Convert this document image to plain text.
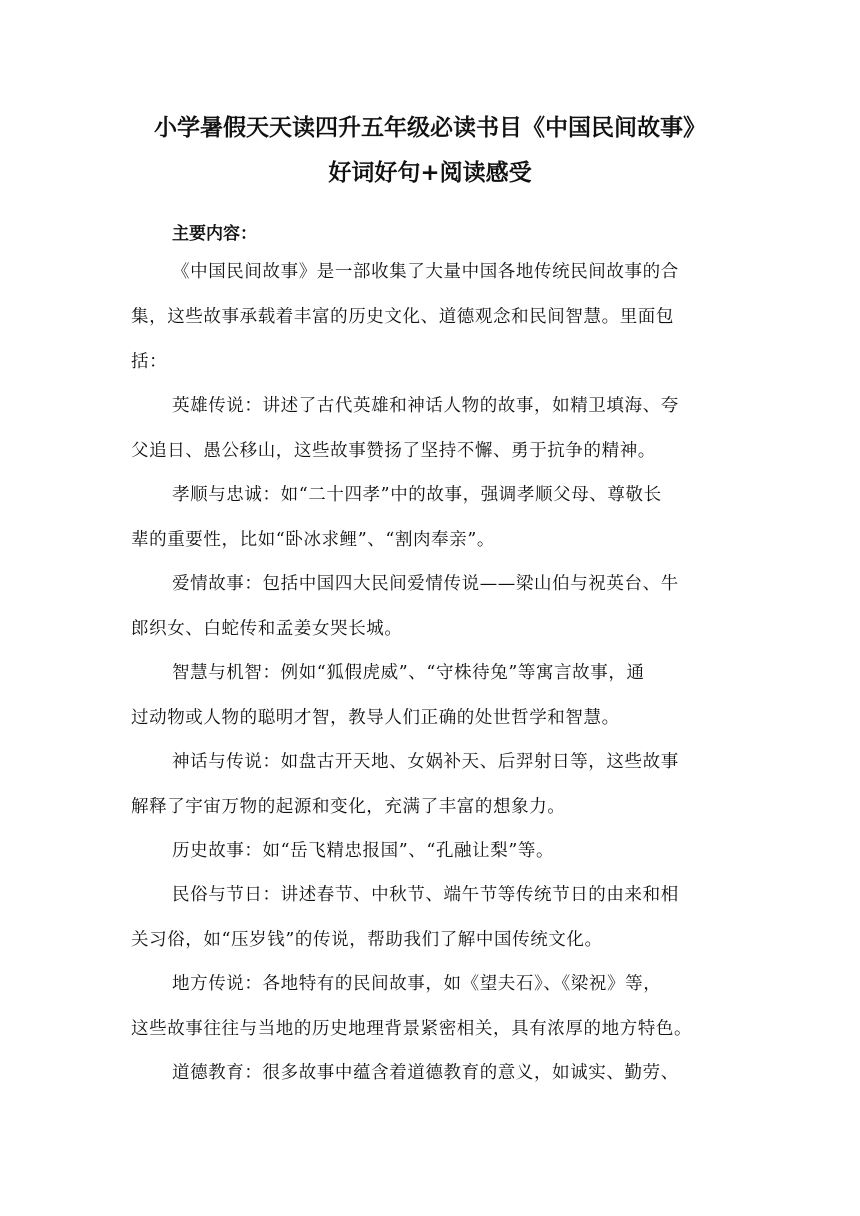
小学暑假天天读四升五年级必读书目《中国民间故事》
好词好句+阅读感受
主要内容：
《中国民间故事》是一部收集了大量中国各地传统民间故事的合
集，这些故事承载着丰富的历史文化、道德观念和民间智慧。里面包
括：
英雄传说：讲述了古代英雄和神话人物的故事，如精卫填海、夸
父追日、愚公移山，这些故事赞扬了坚持不懈、勇于抗争的精神。
孝顺与忠诚：如“二十四孝”中的故事，强调孝顺父母、尊敬长
辈的重要性，比如“卧冰求鲤”、“割肉奉亲”。
爱情故事：包括中国四大民间爱情传说——梁山伯与祝英台、牛
郎织女、白蛇传和孟姜女哭长城。
智慧与机智：例如“狐假虎威”、“守株待兔”等寓言故事，通
过动物或人物的聪明才智，教导人们正确的处世哲学和智慧。
神话与传说：如盘古开天地、女娲补天、后羿射日等，这些故事
解释了宇宙万物的起源和变化，充满了丰富的想象力。
历史故事：如“岳飞精忠报国”、“孔融让梨”等。
民俗与节日：讲述春节、中秋节、端午节等传统节日的由来和相
关习俗，如“压岁钱”的传说，帮助我们了解中国传统文化。
地方传说：各地特有的民间故事，如《望夫石》、《梁祝》等，
这些故事往往与当地的历史地理背景紧密相关，具有浓厚的地方特色。
道德教育：很多故事中蕴含着道德教育的意义，如诚实、勤劳、
